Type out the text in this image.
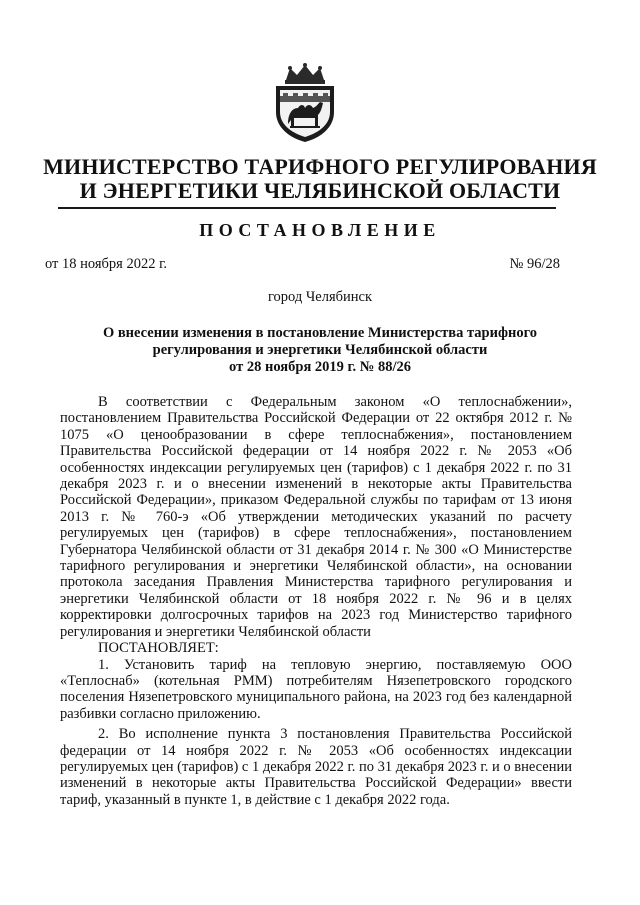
МИНИСТЕРСТВО ТАРИФНОГО РЕГУЛИРОВАНИЯ
И ЭНЕРГЕТИКИ ЧЕЛЯБИНСКОЙ ОБЛАСТИ
ПОСТАНОВЛЕНИЕ
от 18 ноября 2022 г.	№ 96/28
город Челябинск
О внесении изменения в постановление Министерства тарифного
регулирования и энергетики Челябинской области
от 28 ноября 2019 г. № 88/26

В соответствии с Федеральным законом «О теплоснабжении», постановлением Правительства Российской Федерации от 22 октября 2012 г. № 1075 «О ценообразовании в сфере теплоснабжения», постановлением Правительства Российской федерации от 14 ноября 2022 г. № 2053 «Об особенностях индексации регулируемых цен (тарифов) с 1 декабря 2022 г. по 31 декабря 2023 г. и о внесении изменений в некоторые акты Правительства Российской Федерации», приказом Федеральной службы по тарифам от 13 июня 2013 г. № 760-э «Об утверждении методических указаний по расчету регулируемых цен (тарифов) в сфере теплоснабжения», постановлением Губернатора Челябинской области от 31 декабря 2014 г. № 300 «О Министерстве тарифного регулирования и энергетики Челябинской области», на основании протокола заседания Правления Министерства тарифного регулирования и энергетики Челябинской области от 18 ноября 2022 г. № 96 и в целях корректировки долгосрочных тарифов на 2023 год Министерство тарифного регулирования и энергетики Челябинской области

ПОСТАНОВЛЯЕТ:

1. Установить тариф на тепловую энергию, поставляемую ООО «Теплоснаб» (котельная РММ) потребителям Нязепетровского городского поселения Нязепетровского муниципального района, на 2023 год без календарной разбивки согласно приложению.

2. Во исполнение пункта 3 постановления Правительства Российской федерации от 14 ноября 2022 г. № 2053 «Об особенностях индексации регулируемых цен (тарифов) с 1 декабря 2022 г. по 31 декабря 2023 г. и о внесении изменений в некоторые акты Правительства Российской Федерации» ввести тариф, указанный в пункте 1, в действие с 1 декабря 2022 года.
